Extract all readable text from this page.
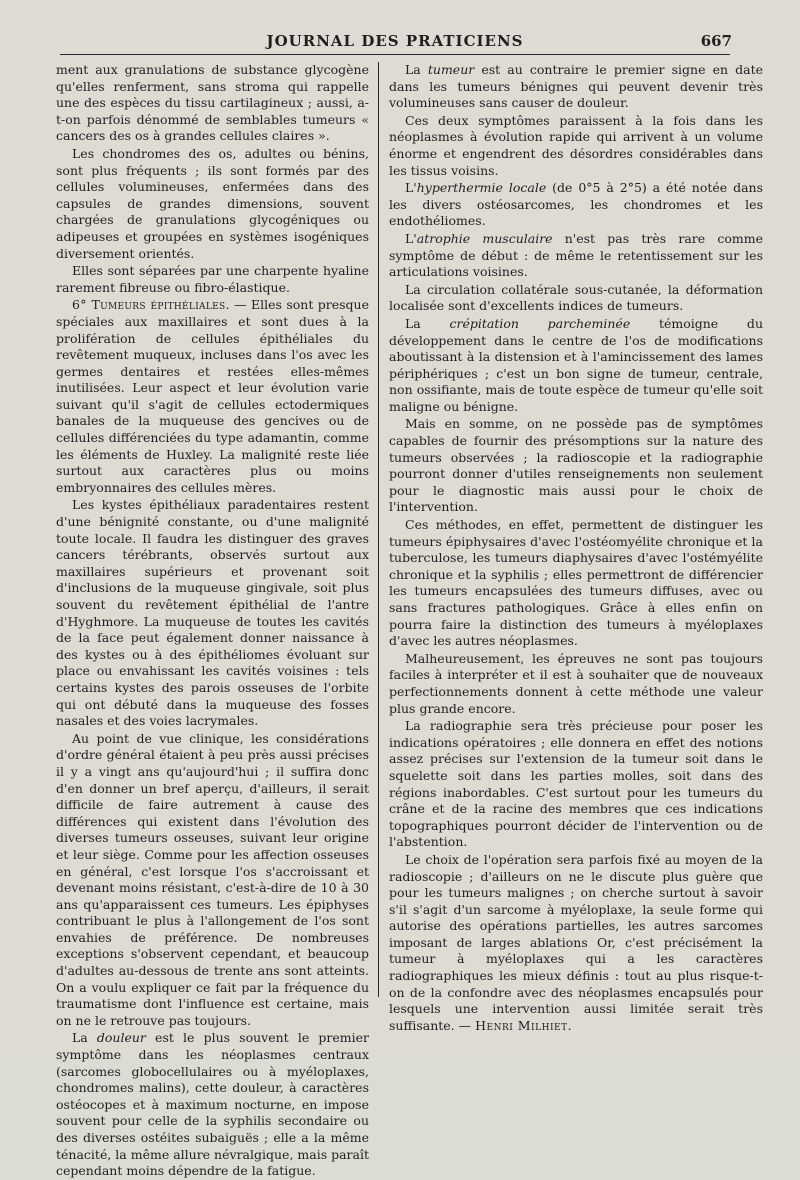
JOURNAL DES PRATICIENS	667

ment aux granulations de substance glycogène qu'elles renferment, sans stroma qui rappelle une des espèces du tissu cartilagineux ; aussi, a-t-on parfois dénommé de semblables tumeurs « cancers des os à grandes cellules claires ».

Les chondromes des os, adultes ou bénins, sont plus fréquents ; ils sont formés par des cellules volumineuses, enfermées dans des capsules de grandes dimensions, souvent chargées de granulations glycogéniques ou adipeuses et groupées en systèmes isogéniques diversement orientés.

Elles sont séparées par une charpente hyaline rarement fibreuse ou fibro-élastique.

6° Tumeurs épithéliales. — Elles sont presque spéciales aux maxillaires et sont dues à la prolifération de cellules épithéliales du revêtement muqueux, incluses dans l'os avec les germes dentaires et restées elles-mêmes inutilisées. Leur aspect et leur évolution varie suivant qu'il s'agit de cellules ectodermiques banales de la muqueuse des gencives ou de cellules différenciées du type adamantin, comme les éléments de Huxley. La malignité reste liée surtout aux caractères plus ou moins embryonnaires des cellules mères.

Les kystes épithéliaux paradentaires restent d'une bénignité constante, ou d'une malignité toute locale. Il faudra les distinguer des graves cancers térébrants, observés surtout aux maxillaires supérieurs et provenant soit d'inclusions de la muqueuse gingivale, soit plus souvent du revêtement épithélial de l'antre d'Hyghmore. La muqueuse de toutes les cavités de la face peut également donner naissance à des kystes ou à des épithéliomes évoluant sur place ou envahissant les cavités voisines : tels certains kystes des parois osseuses de l'orbite qui ont débuté dans la muqueuse des fosses nasales et des voies lacrymales.

Au point de vue clinique, les considérations d'ordre général étaient à peu près aussi précises il y a vingt ans qu'aujourd'hui ; il suffira donc d'en donner un bref aperçu, d'ailleurs, il serait difficile de faire autrement à cause des différences qui existent dans l'évolution des diverses tumeurs osseuses, suivant leur origine et leur siège. Comme pour les affection osseuses en général, c'est lorsque l'os s'accroissant et devenant moins résistant, c'est-à-dire de 10 à 30 ans qu'apparaissent ces tumeurs. Les épiphyses contribuant le plus à l'allongement de l'os sont envahies de préférence. De nombreuses exceptions s'observent cependant, et beaucoup d'adultes au-dessous de trente ans sont atteints. On a voulu expliquer ce fait par la fréquence du traumatisme dont l'influence est certaine, mais on ne le retrouve pas toujours.

La douleur est le plus souvent le premier symptôme dans les néoplasmes centraux (sarcomes globocellulaires ou à myéloplaxes, chondromes malins), cette douleur, à caractères ostéocopes et à maximum nocturne, en impose souvent pour celle de la syphilis secondaire ou des diverses ostéites subaiguës ; elle a la même ténacité, la même allure névralgique, mais paraît cependant moins dépendre de la fatigue.

La tumeur est au contraire le premier signe en date dans les tumeurs bénignes qui peuvent devenir très volumineuses sans causer de douleur.

Ces deux symptômes paraissent à la fois dans les néoplasmes à évolution rapide qui arrivent à un volume énorme et engendrent des désordres considérables dans les tissus voisins.

L'hyperthermie locale (de 0°5 à 2°5) a été notée dans les divers ostéosarcomes, les chondromes et les endothéliomes.

L'atrophie musculaire n'est pas très rare comme symptôme de début : de même le retentissement sur les articulations voisines.

La circulation collatérale sous-cutanée, la déformation localisée sont d'excellents indices de tumeurs.

La crépitation parcheminée témoigne du développement dans le centre de l'os de modifications aboutissant à la distension et à l'amincissement des lames périphériques ; c'est un bon signe de tumeur, centrale, non ossifiante, mais de toute espèce de tumeur qu'elle soit maligne ou bénigne.

Mais en somme, on ne possède pas de symptômes capables de fournir des présomptions sur la nature des tumeurs observées ; la radioscopie et la radiographie pourront donner d'utiles renseignements non seulement pour le diagnostic mais aussi pour le choix de l'intervention.

Ces méthodes, en effet, permettent de distinguer les tumeurs épiphysaires d'avec l'ostéomyélite chronique et la tuberculose, les tumeurs diaphysaires d'avec l'ostémyélite chronique et la syphilis ; elles permettront de différencier les tumeurs encapsulées des tumeurs diffuses, avec ou sans fractures pathologiques. Grâce à elles enfin on pourra faire la distinction des tumeurs à myéloplaxes d'avec les autres néoplasmes.

Malheureusement, les épreuves ne sont pas toujours faciles à interpréter et il est à souhaiter que de nouveaux perfectionnements donnent à cette méthode une valeur plus grande encore.

La radiographie sera très précieuse pour poser les indications opératoires ; elle donnera en effet des notions assez précises sur l'extension de la tumeur soit dans le squelette soit dans les parties molles, soit dans des régions inabordables. C'est surtout pour les tumeurs du crâne et de la racine des membres que ces indications topographiques pourront décider de l'intervention ou de l'abstention.

Le choix de l'opération sera parfois fixé au moyen de la radioscopie ; d'ailleurs on ne le discute plus guère que pour les tumeurs malignes ; on cherche surtout à savoir s'il s'agit d'un sarcome à myéloplaxe, la seule forme qui autorise des opérations partielles, les autres sarcomes imposant de larges ablations Or, c'est précisément la tumeur à myéloplaxes qui a les caractères radiographiques les mieux définis : tout au plus risque-t-on de la confondre avec des néoplasmes encapsulés pour lesquels une intervention aussi limitée serait très suffisante. — Henri Milhiet.
